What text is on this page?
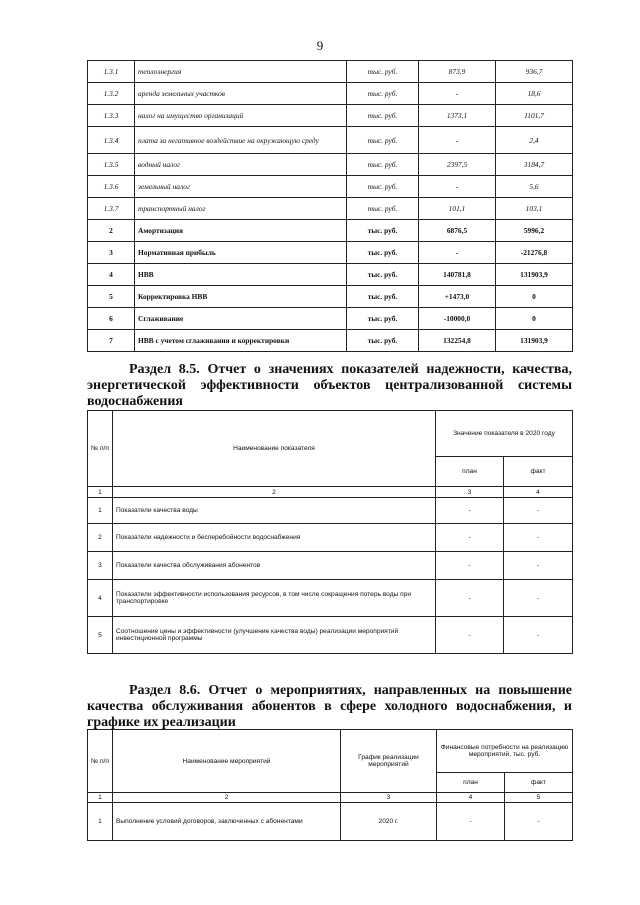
9
1.3.1	теплоэнергия	тыс. руб.	873,9	936,7
1.3.2	аренда земельных участков	тыс. руб.	-	18,6
1.3.3	налог на имущество организаций	тыс. руб.	1373,1	1101,7
1.3.4	плата за негативное воздействие на окружающую среду	тыс. руб.	-	2,4
1.3.5	водный налог	тыс. руб.	2397,5	3184,7
1.3.6	земельный налог	тыс. руб.	-	5,6
1.3.7	транспортный налог	тыс. руб.	101,1	103,1
2	Амортизация	тыс. руб.	6876,5	5996,2
3	Нормативная прибыль	тыс. руб.	-	-21276,8
4	НВВ	тыс. руб.	140781,8	131903,9
5	Корректировка НВВ	тыс. руб.	+1473,0	0
6	Сглаживание	тыс. руб.	-10000,0	0
7	НВВ с учетом сглаживания и корректировки	тыс. руб.	132254,8	131903,9
Раздел 8.5. Отчет о значениях показателей надежности, качества,
энергетической эффективности объектов централизованной системы
водоснабжения
№ п/п	Наименование показателя	Значение показателя в 2020 году	
		план	факт
1	2	3	4
1	Показатели качества воды	-	-
2	Показатели надежности и бесперебойности водоснабжения	-	-
3	Показатели качества обслуживания абонентов	-	-
4	Показатели эффективности использования ресурсов, в том числе сокращения потерь воды при транспортировке	-	-
5	Соотношение цены и эффективности (улучшение качества воды) реализации мероприятий инвестиционной программы	-	-
Раздел 8.6. Отчет о мероприятиях, направленных на повышение
качества обслуживания абонентов в сфере холодного водоснабжения, и
графике их реализации
№ п/п	Наименование мероприятий	График реализации мероприятий	Финансовые потребности на реализацию мероприятий, тыс. руб.	
			план	факт
1	2	3	4	5
1	Выполнение условий договоров, заключенных с абонентами	2020 г.	-	-
